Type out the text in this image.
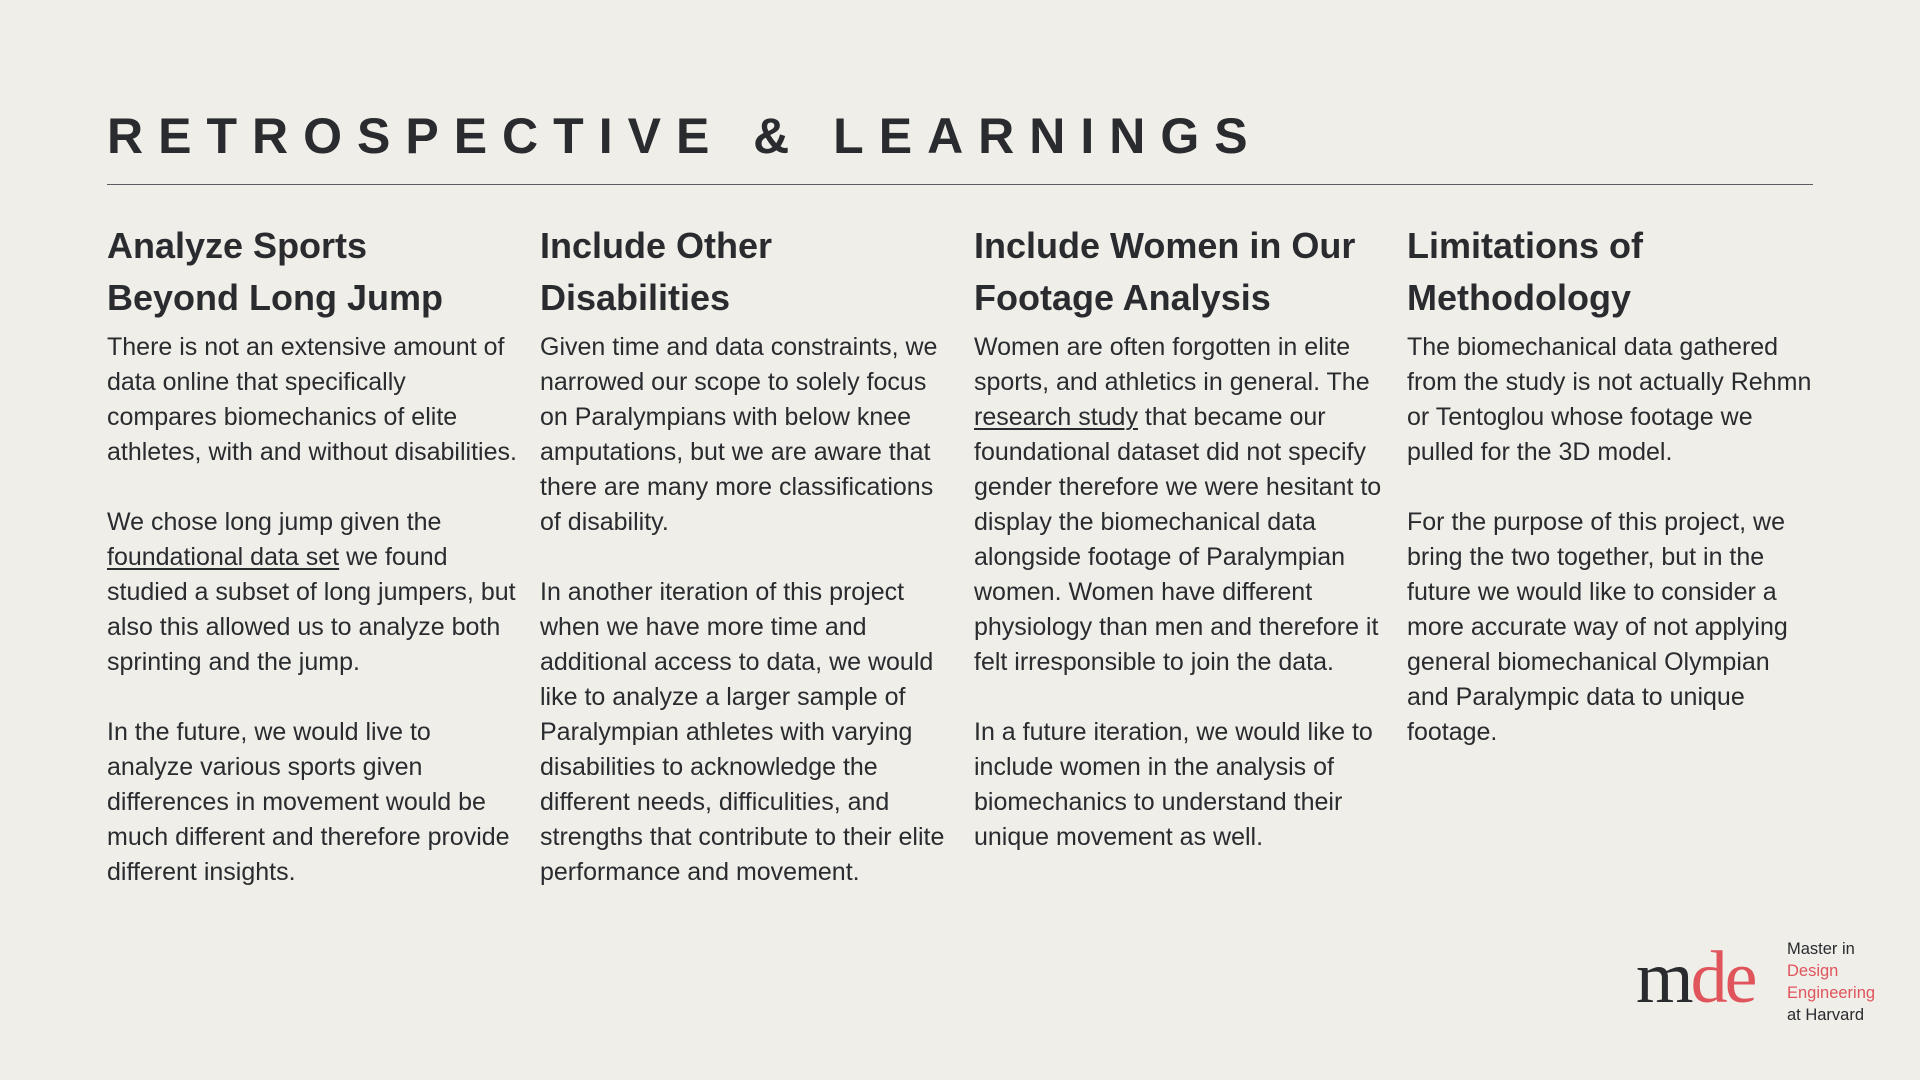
RETROSPECTIVE & LEARNINGS
Analyze Sports
Beyond Long Jump

There is not an extensive amount of data online that specifically compares biomechanics of elite athletes, with and without disabilities.

We chose long jump given the foundational data set we found studied a subset of long jumpers, but also this allowed us to analyze both sprinting and the jump.

In the future, we would live to analyze various sports given differences in movement would be much different and therefore provide different insights.

Include Other
Disabilities

Given time and data constraints, we narrowed our scope to solely focus on Paralympians with below knee amputations, but we are aware that there are many more classifications of disability.

In another iteration of this project when we have more time and additional access to data, we would like to analyze a larger sample of Paralympian athletes with varying disabilities to acknowledge the different needs, difficulities, and strengths that contribute to their elite performance and movement.

Include Women in Our
Footage Analysis

Women are often forgotten in elite sports, and athletics in general. The research study that became our foundational dataset did not specify gender therefore we were hesitant to display the biomechanical data alongside footage of Paralympian women. Women have different physiology than men and therefore it felt irresponsible to join the data.

In a future iteration, we would like to include women in the analysis of biomechanics to understand their unique movement as well.

Limitations of
Methodology

The biomechanical data gathered from the study is not actually Rehmn or Tentoglou whose footage we pulled for the 3D model.

For the purpose of this project, we bring the two together, but in the future we would like to consider a more accurate way of not applying general biomechanical Olympian and Paralympic data to unique footage.

mde Master in
Design
Engineering
at Harvard
